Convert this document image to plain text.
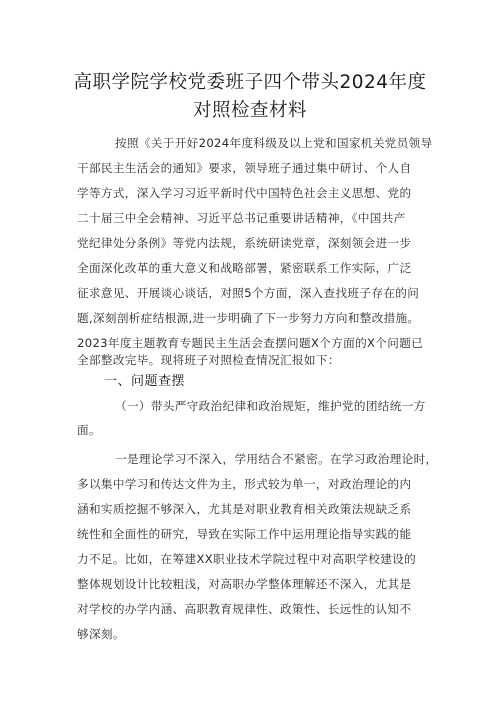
高职学院学校党委班子四个带头2024年度
对照检查材料
按照《关于开好2024年度科级及以上党和国家机关党员领导
干部民主生活会的通知》要求，领导班子通过集中研讨、个人自
学等方式，深入学习习近平新时代中国特色社会主义思想、党的
二十届三中全会精神、习近平总书记重要讲话精神，《中国共产
党纪律处分条例》等党内法规，系统研读党章，深刻领会进一步
全面深化改革的重大意义和战略部署，紧密联系工作实际，广泛
征求意见、开展谈心谈话，对照5个方面，深入查找班子存在的问
题,深刻剖析症结根源,进一步明确了下一步努力方向和整改措施。
2023年度主题教育专题民主生活会查摆问题X个方面的X个问题已
全部整改完毕。现将班子对照检查情况汇报如下：
一、问题查摆
（一）带头严守政治纪律和政治规矩，维护党的团结统一方
面。
一是理论学习不深入，学用结合不紧密。在学习政治理论时，
多以集中学习和传达文件为主，形式较为单一，对政治理论的内
涵和实质挖掘不够深入，尤其是对职业教育相关政策法规缺乏系
统性和全面性的研究，导致在实际工作中运用理论指导实践的能
力不足。比如，在筹建XX职业技术学院过程中对高职学校建设的
整体规划设计比较粗浅，对高职办学整体理解还不深入，尤其是
对学校的办学内涵、高职教育规律性、政策性、长远性的认知不
够深刻。
